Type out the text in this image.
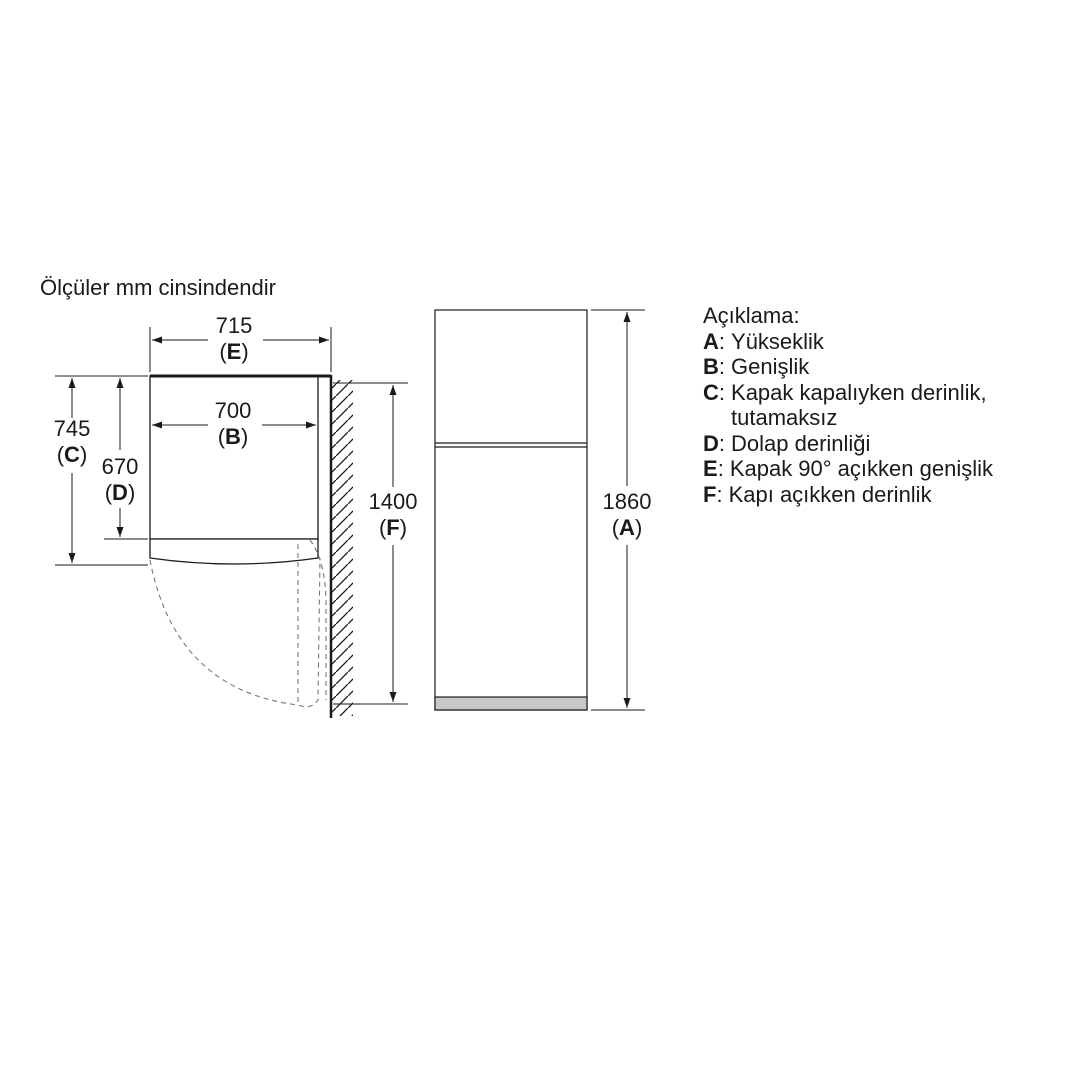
Ölçüler mm cinsindendir
715
(E)
700
(B)
745
(C) 670
(D)	1400
(F)
1860
(A)
Açıklama:
A : Yükseklik
B : Genişlik
C : Kapak kapalıyken derinlik, tutamaksız
D : Dolap derinliği
E : Kapak 90° açıkken genişlik
F : Kapı açıkken derinlik
